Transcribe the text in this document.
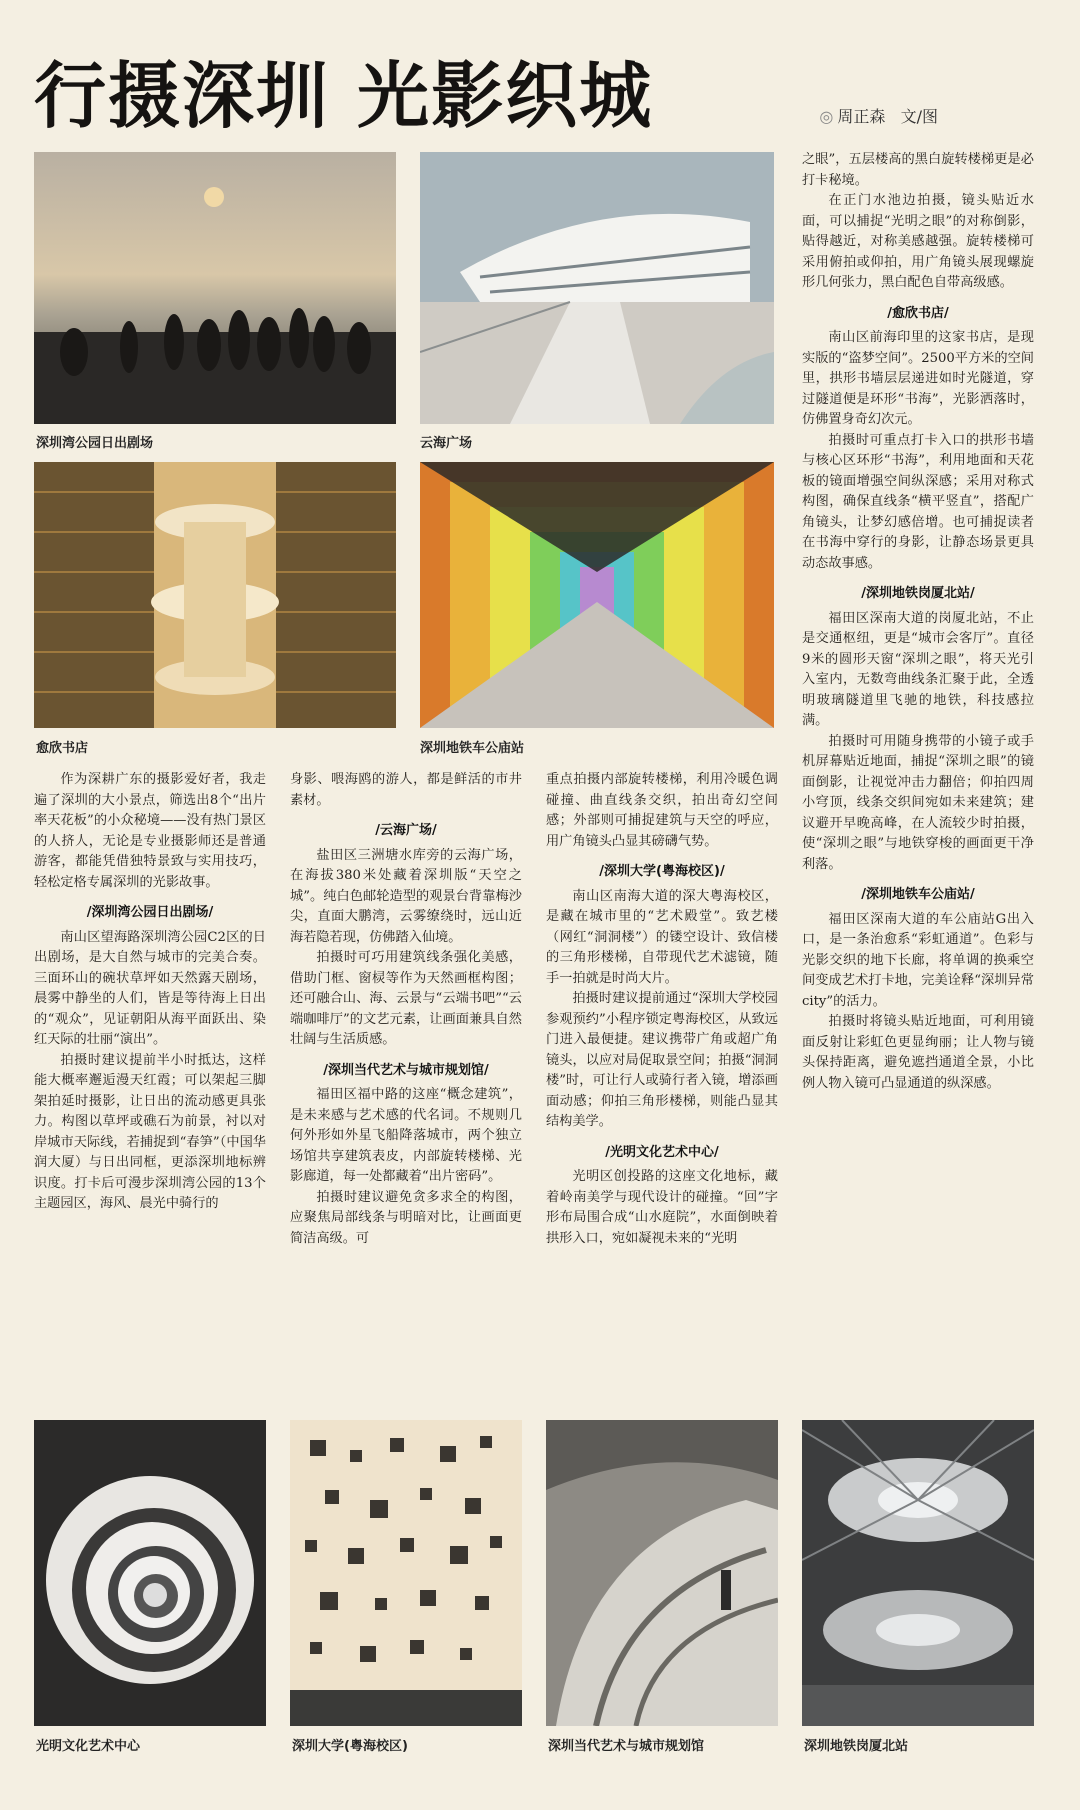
行摄深圳 光影织城	◎ 周正森 文/图
深圳湾公园日出剧场	云海广场
愈欣书店	深圳地铁车公庙站

作为深耕广东的摄影爱好者，我走遍了深圳的大小景点，筛选出8个“出片率天花板”的小众秘境——没有热门景区的人挤人，无论是专业摄影师还是普通游客，都能凭借独特景致与实用技巧，轻松定格专属深圳的光影故事。

/深圳湾公园日出剧场/

南山区望海路深圳湾公园C2区的日出剧场，是大自然与城市的完美合奏。三面环山的碗状草坪如天然露天剧场，晨雾中静坐的人们，皆是等待海上日出的“观众”，见证朝阳从海平面跃出、染红天际的壮丽“演出”。

拍摄时建议提前半小时抵达，这样能大概率邂逅漫天红霞；可以架起三脚架拍延时摄影，让日出的流动感更具张力。构图以草坪或礁石为前景，衬以对岸城市天际线，若捕捉到“春笋”（中国华润大厦）与日出同框，更添深圳地标辨识度。打卡后可漫步深圳湾公园的13个主题园区，海风、晨光中骑行的

身影、喂海鸥的游人，都是鲜活的市井素材。

/云海广场/

盐田区三洲塘水库旁的云海广场，在海拔380米处藏着深圳版“天空之城”。纯白色邮轮造型的观景台背靠梅沙尖，直面大鹏湾，云雾缭绕时，远山近海若隐若现，仿佛踏入仙境。

拍摄时可巧用建筑线条强化美感，借助门框、窗棂等作为天然画框构图；还可融合山、海、云景与“云端书吧”“云端咖啡厅”的文艺元素，让画面兼具自然壮阔与生活质感。

/深圳当代艺术与城市规划馆/

福田区福中路的这座“概念建筑”，是未来感与艺术感的代名词。不规则几何外形如外星飞船降落城市，两个独立场馆共享建筑表皮，内部旋转楼梯、光影廊道，每一处都藏着“出片密码”。

拍摄时建议避免贪多求全的构图，应聚焦局部线条与明暗对比，让画面更简洁高级。可

重点拍摄内部旋转楼梯，利用冷暖色调碰撞、曲直线条交织，拍出奇幻空间感；外部则可捕捉建筑与天空的呼应，用广角镜头凸显其磅礴气势。

/深圳大学(粤海校区)/

南山区南海大道的深大粤海校区，是藏在城市里的“艺术殿堂”。致艺楼（网红“洞洞楼”）的镂空设计、致信楼的三角形楼梯，自带现代艺术滤镜，随手一拍就是时尚大片。

拍摄时建议提前通过“深圳大学校园参观预约”小程序锁定粤海校区，从致远门进入最便捷。建议携带广角或超广角镜头，以应对局促取景空间；拍摄“洞洞楼”时，可让行人或骑行者入镜，增添画面动感；仰拍三角形楼梯，则能凸显其结构美学。

/光明文化艺术中心/

光明区创投路的这座文化地标，藏着岭南美学与现代设计的碰撞。“回”字形布局围合成“山水庭院”，水面倒映着拱形入口，宛如凝视未来的“光明

之眼”，五层楼高的黑白旋转楼梯更是必打卡秘境。

在正门水池边拍摄，镜头贴近水面，可以捕捉“光明之眼”的对称倒影，贴得越近，对称美感越强。旋转楼梯可采用俯拍或仰拍，用广角镜头展现螺旋形几何张力，黑白配色自带高级感。

/愈欣书店/

南山区前海印里的这家书店，是现实版的“盗梦空间”。2500平方米的空间里，拱形书墙层层递进如时光隧道，穿过隧道便是环形“书海”，光影洒落时，仿佛置身奇幻次元。

拍摄时可重点打卡入口的拱形书墙与核心区环形“书海”，利用地面和天花板的镜面增强空间纵深感；采用对称式构图，确保直线条“横平竖直”，搭配广角镜头，让梦幻感倍增。也可捕捉读者在书海中穿行的身影，让静态场景更具动态故事感。

/深圳地铁岗厦北站/

福田区深南大道的岗厦北站，不止是交通枢纽，更是“城市会客厅”。直径9米的圆形天窗“深圳之眼”，将天光引入室内，无数弯曲线条汇聚于此，全透明玻璃隧道里飞驰的地铁，科技感拉满。

拍摄时可用随身携带的小镜子或手机屏幕贴近地面，捕捉“深圳之眼”的镜面倒影，让视觉冲击力翻倍；仰拍四周小穹顶，线条交织间宛如未来建筑；建议避开早晚高峰，在人流较少时拍摄，使“深圳之眼”与地铁穿梭的画面更干净利落。

/深圳地铁车公庙站/

福田区深南大道的车公庙站G出入口，是一条治愈系“彩虹通道”。色彩与光影交织的地下长廊，将单调的换乘空间变成艺术打卡地，完美诠释“深圳异常city”的活力。

拍摄时将镜头贴近地面，可利用镜面反射让彩虹色更显绚丽；让人物与镜头保持距离，避免遮挡通道全景，小比例人物入镜可凸显通道的纵深感。

光明文化艺术中心	深圳大学(粤海校区)	深圳当代艺术与城市规划馆	深圳地铁岗厦北站
